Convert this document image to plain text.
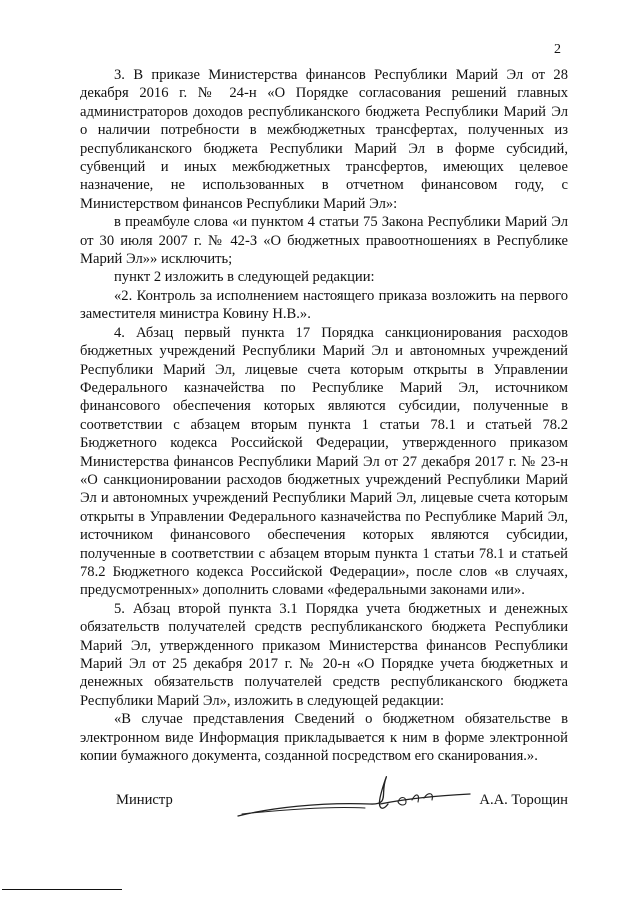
2

3. В приказе Министерства финансов Республики Марий Эл от 28 декабря 2016 г. № 24-н «О Порядке согласования решений главных администраторов доходов республиканского бюджета Республики Марий Эл о наличии потребности в межбюджетных трансфертах, полученных из республиканского бюджета Республики Марий Эл в форме субсидий, субвенций и иных межбюджетных трансфертов, имеющих целевое назначение, не использованных в отчетном финансовом году, с Министерством финансов Республики Марий Эл»:

в преамбуле слова «и пунктом 4 статьи 75 Закона Республики Марий Эл от 30 июля 2007 г. № 42-З «О бюджетных правоотношениях в Республике Марий Эл»» исключить;

пункт 2 изложить в следующей редакции:

«2. Контроль за исполнением настоящего приказа возложить на первого заместителя министра Ковину Н.В.».

4. Абзац первый пункта 17 Порядка санкционирования расходов бюджетных учреждений Республики Марий Эл и автономных учреждений Республики Марий Эл, лицевые счета которым открыты в Управлении Федерального казначейства по Республике Марий Эл, источником финансового обеспечения которых являются субсидии, полученные в соответствии с абзацем вторым пункта 1 статьи 78.1 и статьей 78.2 Бюджетного кодекса Российской Федерации, утвержденного приказом Министерства финансов Республики Марий Эл от 27 декабря 2017 г. № 23-н «О санкционировании расходов бюджетных учреждений Республики Марий Эл и автономных учреждений Республики Марий Эл, лицевые счета которым открыты в Управлении Федерального казначейства по Республике Марий Эл, источником финансового обеспечения которых являются субсидии, полученные в соответствии с абзацем вторым пункта 1 статьи 78.1 и статьей 78.2 Бюджетного кодекса Российской Федерации», после слов «в случаях, предусмотренных» дополнить словами «федеральными законами или».

5. Абзац второй пункта 3.1 Порядка учета бюджетных и денежных обязательств получателей средств республиканского бюджета Республики Марий Эл, утвержденного приказом Министерства финансов Республики Марий Эл от 25 декабря 2017 г. № 20-н «О Порядке учета бюджетных и денежных обязательств получателей средств республиканского бюджета Республики Марий Эл», изложить в следующей редакции:

«В случае представления Сведений о бюджетном обязательстве в электронном виде Информация прикладывается к ним в форме электронной копии бумажного документа, созданной посредством его сканирования.».

Министр	А.А. Торощин
